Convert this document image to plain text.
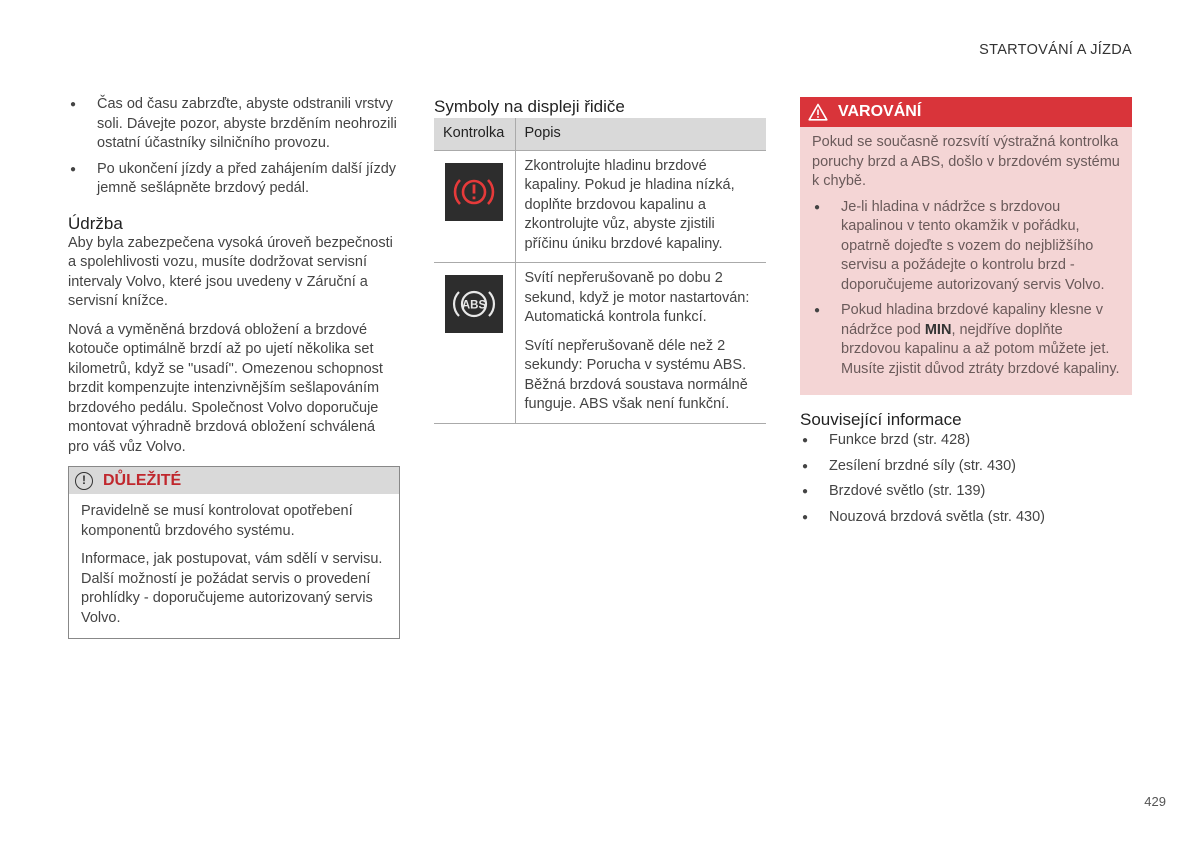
STARTOVÁNÍ A JÍZDA
● Čas od času zabrzďte, abyste odstranili vrstvy soli. Dávejte pozor, abyste brzděním neohrozili ostatní účastníky silničního provozu.
● Po ukončení jízdy a před zahájením další jízdy jemně sešlápněte brzdový pedál.
Údržba

Aby byla zabezpečena vysoká úroveň bezpečnosti a spolehlivosti vozu, musíte dodržovat servisní intervaly Volvo, které jsou uvedeny v Záruční a servisní knížce.

Nová a vyměněná brzdová obložení a brzdové kotouče optimálně brzdí až po ujetí několika set kilometrů, když se "usadí". Omezenou schopnost brzdit kompenzujte intenzivnějším sešlapováním brzdového pedálu. Společnost Volvo doporučuje montovat výhradně brzdová obložení schválená pro váš vůz Volvo.

!	DŮLEŽITÉ

Pravidelně se musí kontrolovat opotřebení komponentů brzdového systému.

Informace, jak postupovat, vám sdělí v servisu. Další možností je požádat servis o provedení prohlídky - doporučujeme autorizovaný servis Volvo.

Symboly na displeji řidiče
Kontrolka	Popis

Zkontrolujte hladinu brzdové kapaliny. Pokud je hladina nízká, doplňte brzdovou kapalinu a zkontrolujte vůz, abyste zjistili příčinu úniku brzdové kapaliny.

ABS	Svítí nepřerušovaně po dobu 2 sekund, když je motor nastartován: Automatická kontrola funkcí.

Svítí nepřerušovaně déle než 2 sekundy: Porucha v systému ABS. Běžná brzdová soustava normálně funguje. ABS však není funkční.

VAROVÁNÍ

Pokud se současně rozsvítí výstražná kontrolka poruchy brzd a ABS, došlo v brzdovém systému k chybě.

● Je-li hladina v nádržce s brzdovou kapalinou v tento okamžik v pořádku, opatrně dojeďte s vozem do nejbližšího servisu a požádejte o kontrolu brzd - doporučujeme autorizovaný servis Volvo.
● Pokud hladina brzdové kapaliny klesne v nádržce pod MIN, nejdříve doplňte brzdovou kapalinu a až potom můžete jet. Musíte zjistit důvod ztráty brzdové kapaliny.
Související informace
● Funkce brzd (str. 428)
● Zesílení brzdné síly (str. 430)
● Brzdové světlo (str. 139)
● Nouzová brzdová světla (str. 430)
429
